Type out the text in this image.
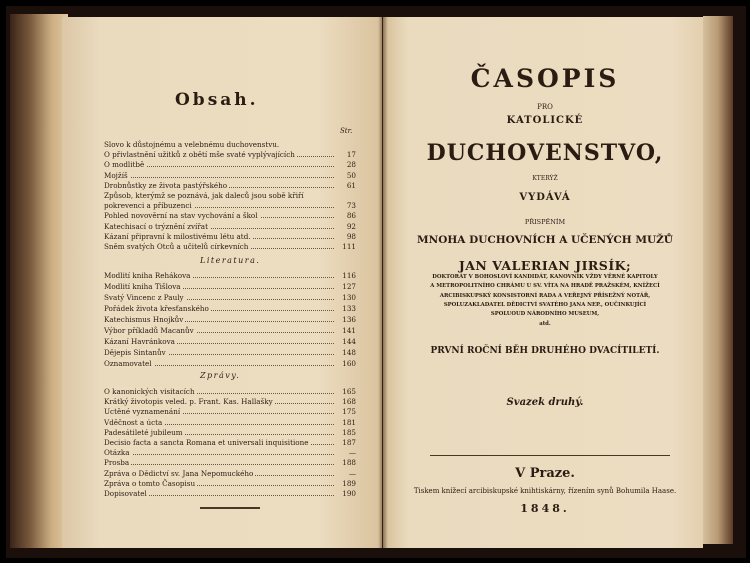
Obsah.
Str.
Slovo k důstojnému a velebnému duchovenstvu.
O přivlastnění užitků z obětí mše svaté vyplývajících	17
O modlitbě	28
Mojžíš	50
Drobnůstky ze života pastýřského	61
Způsob, kterýmž se poznává, jak daleců jsou sobě křiří
pokrevenci a příbuzenci	73
Pohled novověrní na stav vychování a škol	86
Katechisací o trýznění zvířat	92
Kázaní připravní k milostivému létu atd.	98
Sněm svatých Otců a učitelů církevních	111
Literatura.
Modlití kniha Rehákova	116
Modlití kniha Tišlova	127
Svatý Vincenc z Pauly	130
Pořádek života křesťanského	133
Katechismus Hnojkův	136
Výbor příkladů Macanův	141
Kázaní Havránkova	144
Dějepis Sintanův	148
Oznamovatel	160
Zprávy.
O kanonických visitacích	165
Krátký životopis veled. p. Frant. Kas. Hallašky	168
Uctěné vyznamenání	175
Vděčnost a úcta	181
Padesátileté jubileum	185
Decisio facta a sancta Romana et universali inquisitione	187
Otázka	—
Prosba	188
Zpráva o Dědictví sv. Jana Nepomuckého	—
Zpráva o tomto Časopisu	189
Dopisovatel	190
ČASOPIS
PRO
KATOLICKÉ
DUCHOVENSTVO,
KTERÝŽ
VYDÁVÁ
PŘISPĚNÍM
MNOHA DUCHOVNÍCH A UČENÝCH MUŽŮ
JAN VALERIAN JIRSÍK;
DOKTORÁT V BOHOSLOVÍ KANDIDÁT, KANOVNÍK VŽDY VĚRNÉ KAPITOLY
A METROPOLITNÍHO CHRÁMU U SV. VÍTA NA HRADĚ PRAŽSKÉM, KNÍŽECÍ
ARCIBISKUPSKÝ KONSISTORNÍ RADA A VEŘEJNÝ PŘÍSEŽNÝ NOTÁŘ,
SPOLUZAKLADATEL DĚDICTVÍ SVATÉHO JANA NEP., OUČINKUJÍCÍ
SPOLUOUD NÁRODNÍHO MUSEUM,
atd.
PRVNÍ ROČNÍ BĚH DRUHÉHO DVACÍTILETÍ.
Svazek druhý.
V Praze.
Tiskem knížecí arcibiskupské knihtiskárny, řízením synů Bohumila Haase.
1848.
